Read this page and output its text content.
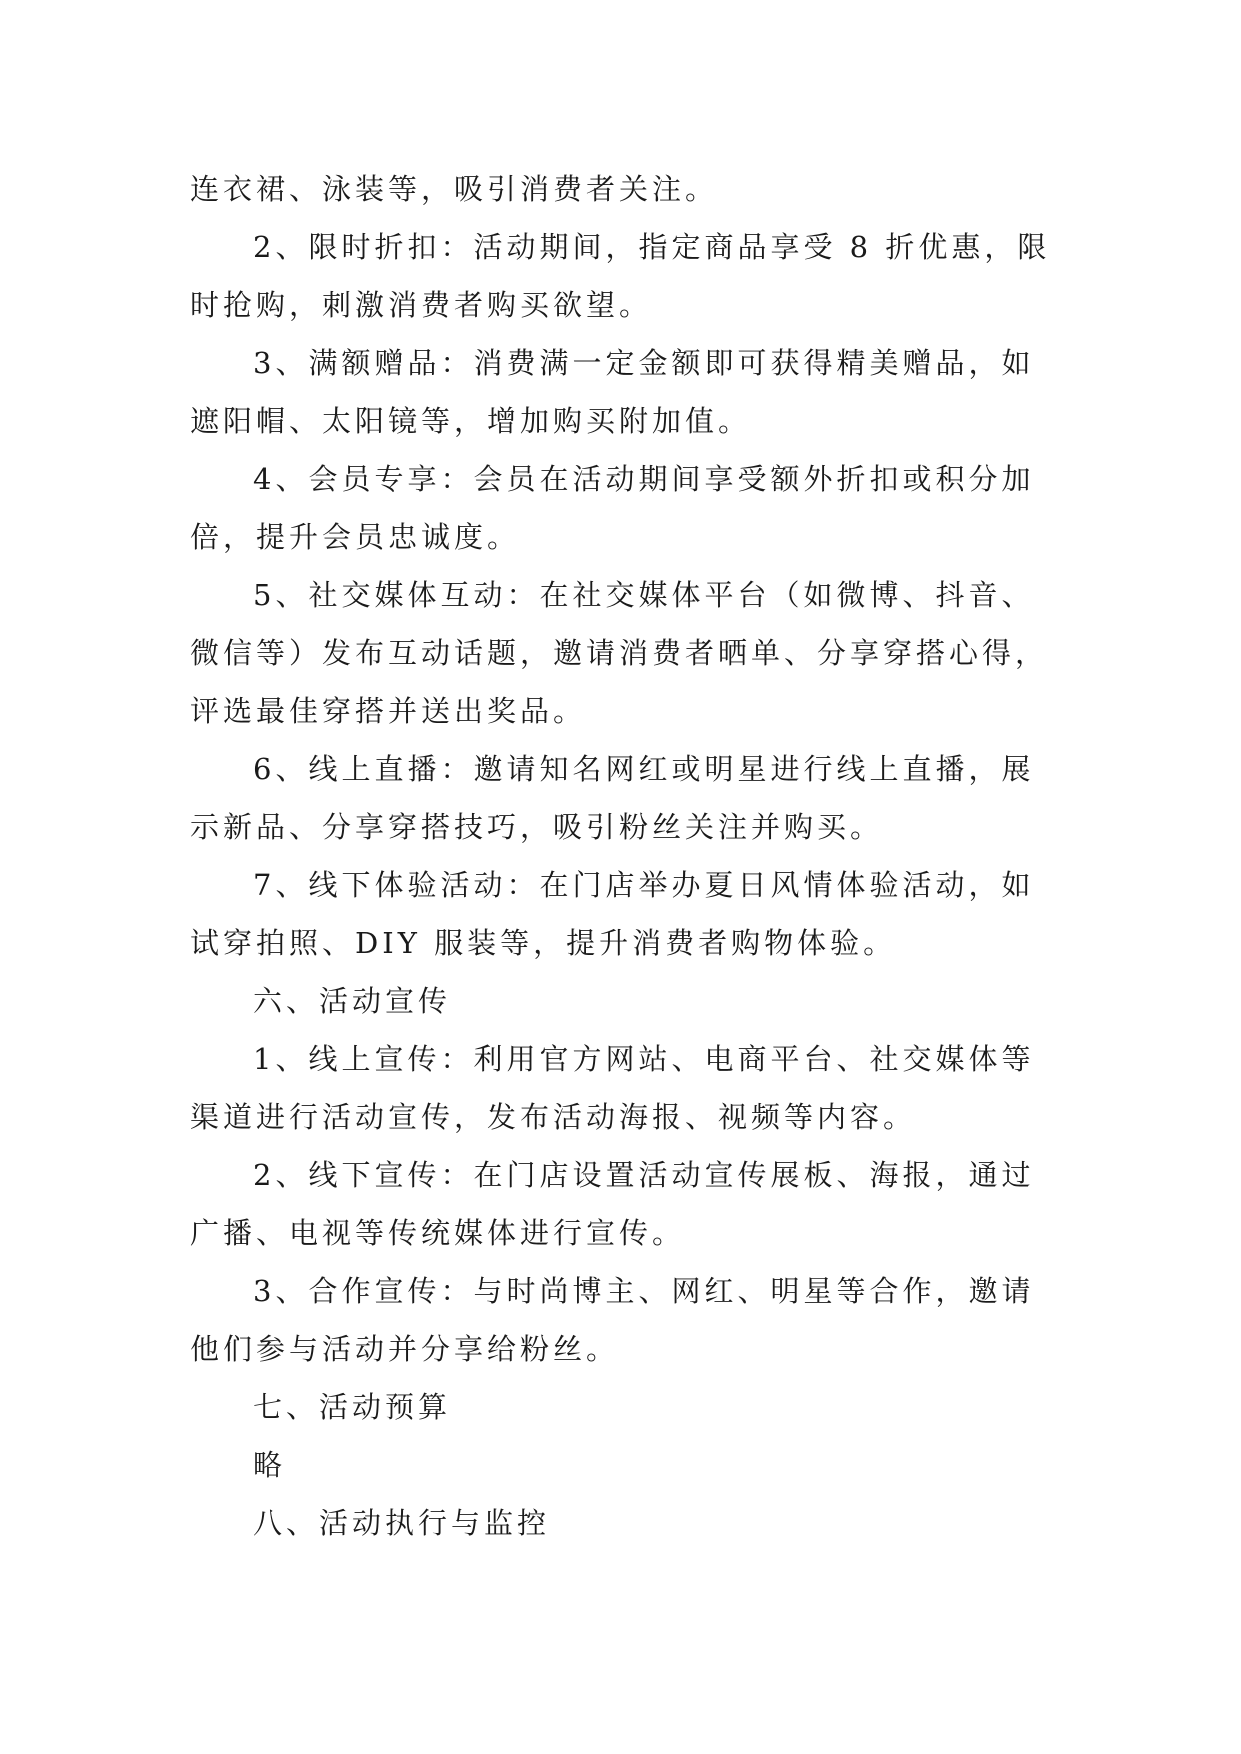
连衣裙、泳装等，吸引消费者关注。

2、限时折扣：活动期间，指定商品享受 8 折优惠，限

时抢购，刺激消费者购买欲望。

3、满额赠品：消费满一定金额即可获得精美赠品，如

遮阳帽、太阳镜等，增加购买附加值。

4、会员专享：会员在活动期间享受额外折扣或积分加

倍，提升会员忠诚度。

5、社交媒体互动：在社交媒体平台（如微博、抖音、

微信等）发布互动话题，邀请消费者晒单、分享穿搭心得，

评选最佳穿搭并送出奖品。

6、线上直播：邀请知名网红或明星进行线上直播，展

示新品、分享穿搭技巧，吸引粉丝关注并购买。

7、线下体验活动：在门店举办夏日风情体验活动，如

试穿拍照、DIY 服装等，提升消费者购物体验。

六、活动宣传

1、线上宣传：利用官方网站、电商平台、社交媒体等

渠道进行活动宣传，发布活动海报、视频等内容。

2、线下宣传：在门店设置活动宣传展板、海报，通过

广播、电视等传统媒体进行宣传。

3、合作宣传：与时尚博主、网红、明星等合作，邀请

他们参与活动并分享给粉丝。

七、活动预算

略

八、活动执行与监控
